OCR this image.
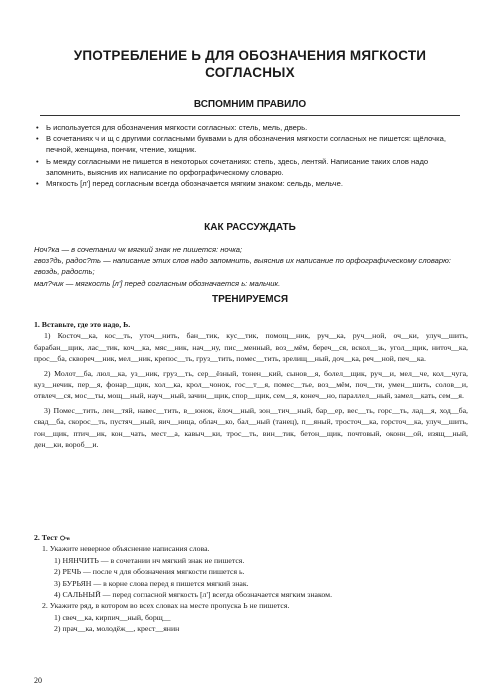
УПОТРЕБЛЕНИЕ Ь ДЛЯ ОБОЗНАЧЕНИЯ МЯГКОСТИ
СОГЛАСНЫХ
ВСПОМНИМ ПРАВИЛО
• Ь используется для обозначения мягкости согласных: стель, мель, дверь.
• В сочетаниях ч и щ с другими согласными буквами ь для обозначения мягкости согласных не пишется: щёлочка, печной, женщина, пончик, чтение, хищник.
• Ь между согласными не пишется в некоторых сочетаниях: степь, здесь, лентяй. Написание таких слов надо запомнить, выяснив их написание по орфографическому словарю.
• Мягкость [л'] перед согласным всегда обозначается мягким знаком: сельдь, мельче.
КАК РАССУЖДАТЬ
Ноч?ка — в сочетании чк мягкий знак не пишется: ночка;
гвоз?дь, радос?ть — написание этих слов надо запомнить, выяснив их написание по орфографическому словарю: гвоздь, радость;
мал?чик — мягкость [л'] перед согласным обозначается ь: мальчик.
ТРЕНИРУЕМСЯ
1. Вставьте, где это надо, Ь.

1) Косточ__ка, кос__ть, уточ__нить, бан__тик, кус__тик, помощ__ник, руч__ка, руч__ной, оч__ки, улуч__шить, барабан__щик, лас__тик, коч__ка, мяс__ник, нач__ну, пис__менный, воз__мём, береч__ся, вскол__зь, угол__щик, ниточ__ка, прос__ба, сквореч__ник, мел__ник, крепос__ть, груз__тить, помес__тить, зрелищ__ный, доч__ка, реч__ной, печ__ка.

2) Молот__ба, люл__ка, уз__ник, груз__ть, сер__ёзный, тонен__кий, сынов__я, болел__щик, руч__и, мел__че, кол__чуга, куз__нечик, пер__я, фонар__щик, хол__ка, крол__чонок, гос__т__я, помес__тье, воз__мём, поч__ти, умен__шить, солов__и, отвлеч__ся, мос__ты, мощ__ный, науч__ный, зачин__щик, спор__щик, сем__я, конеч__но, параллел__ный, замел__кать, сем__я.

3) Помес__тить, лен__тяй, навес__тить, в__юнок, ёлоч__ный, зон__тич__ный, бар__ер, вес__ть, горс__ть, лад__я, ход__ба, свад__ба, скорос__ть, пустяч__ный, яич__ница, облач__ко, бал__ный (танец), п__яный, тросточ__ка, горсточ__ка, улуч__шить, гон__щик, птич__ик, кон__чать, мест__а, кавыч__ки, трос__ть, вин__тик, бетон__щик, почтовый, оконн__ой, изящ__ный, ден__ки, вороб__и.

2. Тест
1. Укажите неверное объяснение написания слова.
1) НЯНЧИТЬ — в сочетании нч мягкий знак не пишется.
2) РЕЧЬ — после ч для обозначения мягкости пишется ь.
3) БУРЬЯН — в корне слова перед я пишется мягкий знак.
4) САЛЬНЫЙ — перед согласной мягкость [л'] всегда обозначается мягким знаком.
2. Укажите ряд, в котором во всех словах на месте пропуска Ь не пишется.
1) свеч__ка, кирпич__ный, борщ__
2) прач__ка, молодёж__, крест__янин
20
